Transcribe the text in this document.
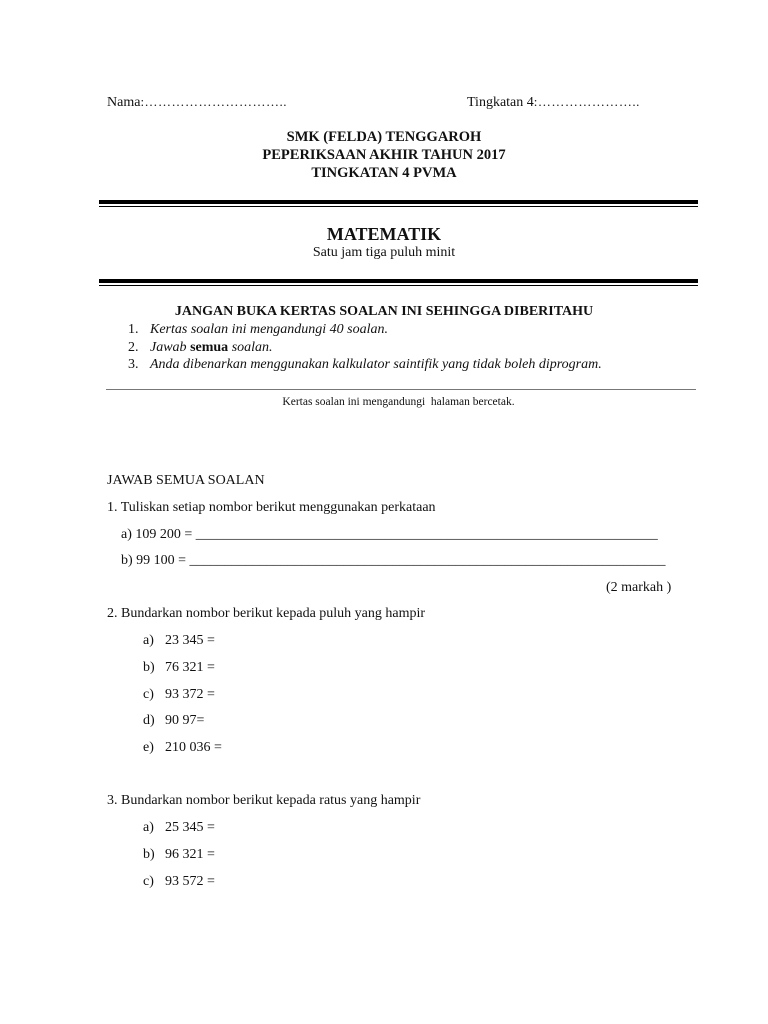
Nama:…………………………..	Tingkatan 4:…………………..
SMK (FELDA) TENGGAROH
PEPERIKSAAN AKHIR TAHUN 2017
TINGKATAN 4 PVMA
MATEMATIK
Satu jam tiga puluh minit
JANGAN BUKA KERTAS SOALAN INI SEHINGGA DIBERITAHU
1. Kertas soalan ini mengandungi 40 soalan.
2. Jawab semua soalan.
3. Anda dibenarkan menggunakan kalkulator saintifik yang tidak boleh diprogram.
Kertas soalan ini mengandungi  halaman bercetak.
JAWAB SEMUA SOALAN
1. Tuliskan setiap nombor berikut menggunakan perkataan
a) 109 200 = __________________________________________________________________
b) 99 100 = ____________________________________________________________________
(2 markah )
2. Bundarkan nombor berikut kepada puluh yang hampir
a) 23 345 =
b) 76 321 =
c) 93 372 =
d) 90 97=
e) 210 036 =
3. Bundarkan nombor berikut kepada ratus yang hampir
a) 25 345 =
b) 96 321 =
c) 93 572 =
